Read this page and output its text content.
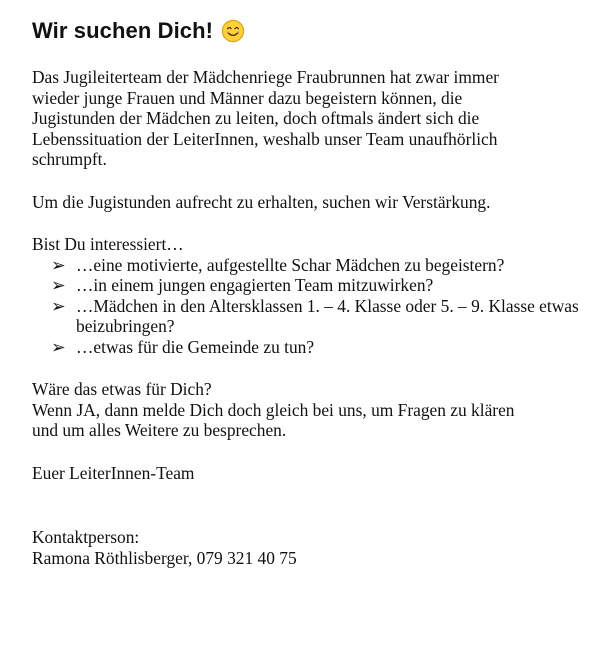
Wir suchen Dich!

Das Jugileiterteam der Mädchenriege Fraubrunnen hat zwar immer

wieder junge Frauen und Männer dazu begeistern können, die

Jugistunden der Mädchen zu leiten, doch oftmals ändert sich die

Lebenssituation der LeiterInnen, weshalb unser Team unaufhörlich

schrumpft.

Um die Jugistunden aufrecht zu erhalten, suchen wir Verstärkung.

Bist Du interessiert…

➢ …eine motivierte, aufgestellte Schar Mädchen zu begeistern?
➢ …in einem jungen engagierten Team mitzuwirken?
➢ …Mädchen in den Altersklassen 1. – 4. Klasse oder 5. – 9. Klasse etwas beizubringen?
➢ …etwas für die Gemeinde zu tun?

Wäre das etwas für Dich?

Wenn JA, dann melde Dich doch gleich bei uns, um Fragen zu klären

und um alles Weitere zu besprechen.

Euer LeiterInnen-Team

Kontaktperson:

Ramona Röthlisberger, 079 321 40 75
